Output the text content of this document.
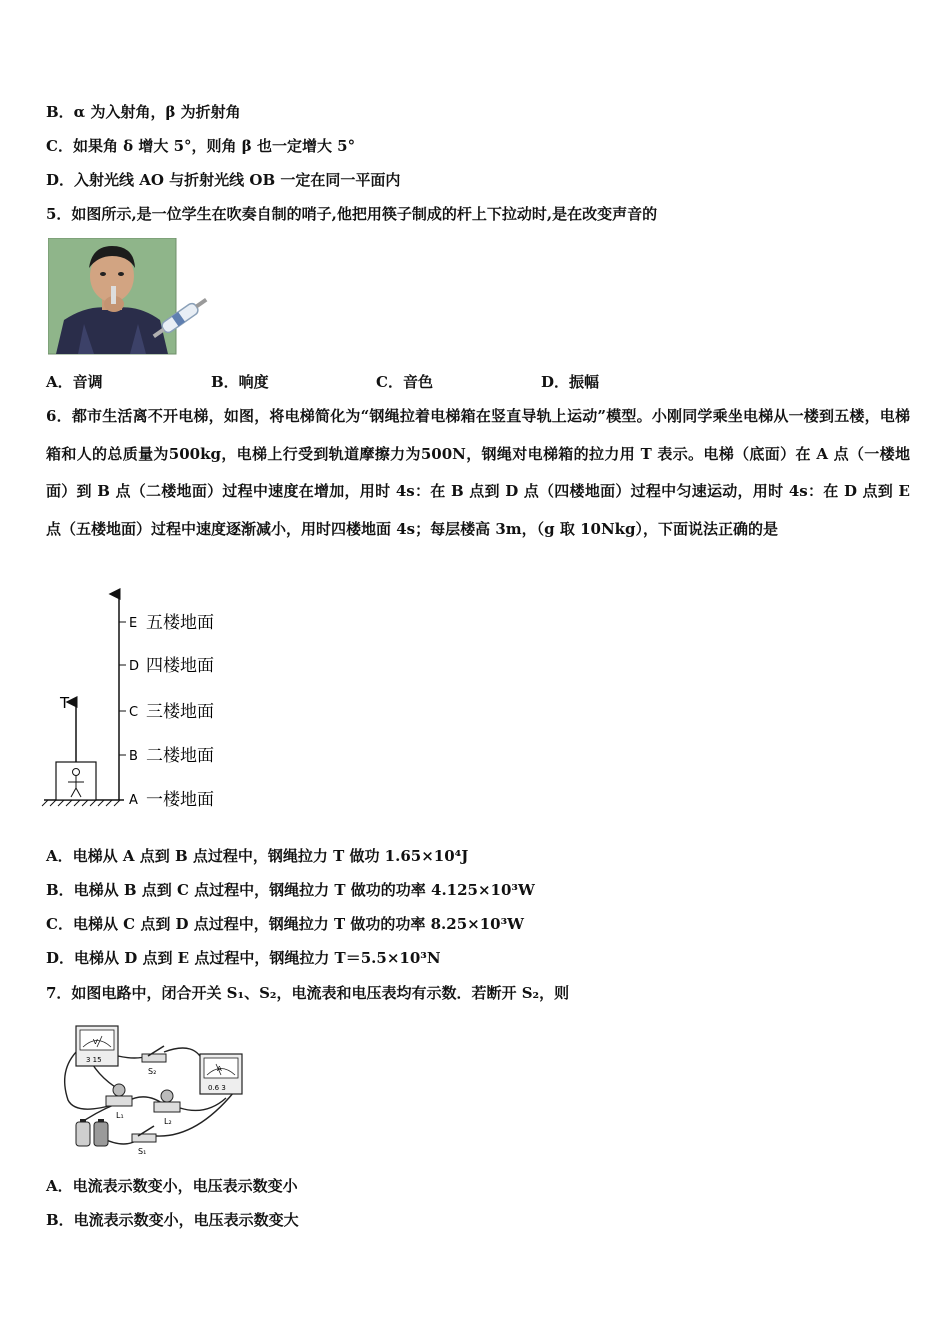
B．α 为入射角，β 为折射角
C．如果角 δ 增大 5°，则角 β 也一定增大 5°
D．入射光线 AO 与折射光线 OB 一定在同一平面内
5．如图所示,是一位学生在吹奏自制的哨子,他把用筷子制成的杆上下拉动时,是在改变声音的
A．音调	B．响度	C．音色	D．振幅
6．都市生活离不开电梯，如图，将电梯简化为“钢绳拉着电梯箱在竖直导轨上运动”模型。小刚同学乘坐电梯从一楼到五楼，电梯箱和人的总质量为500kg，电梯上行受到轨道摩擦力为500N，钢绳对电梯箱的拉力用 T 表示。电梯（底面）在 A 点（一楼地面）到 B 点（二楼地面）过程中速度在增加，用时 4s：在 B 点到 D 点（四楼地面）过程中匀速运动，用时 4s：在 D 点到 E 点（五楼地面）过程中速度逐渐减小，用时四楼地面 4s；每层楼高 3m，（g 取 10Nkg），下面说法正确的是
T
E
D
C
B
A
五楼地面
四楼地面
三楼地面
二楼地面
一楼地面
A．电梯从 A 点到 B 点过程中，钢绳拉力 T 做功 1.65×10⁴J
B．电梯从 B 点到 C 点过程中，钢绳拉力 T 做功的功率 4.125×10³W
C．电梯从 C 点到 D 点过程中，钢绳拉力 T 做功的功率 8.25×10³W
D．电梯从 D 点到 E 点过程中，钢绳拉力 T＝5.5×10³N
7．如图电路中，闭合开关 S₁、S₂，电流表和电压表均有示数．若断开 S₂，则
V
3 15
S₂	A
0.6 3
L₁
L₂
S₁
A．电流表示数变小，电压表示数变小
B．电流表示数变小，电压表示数变大
